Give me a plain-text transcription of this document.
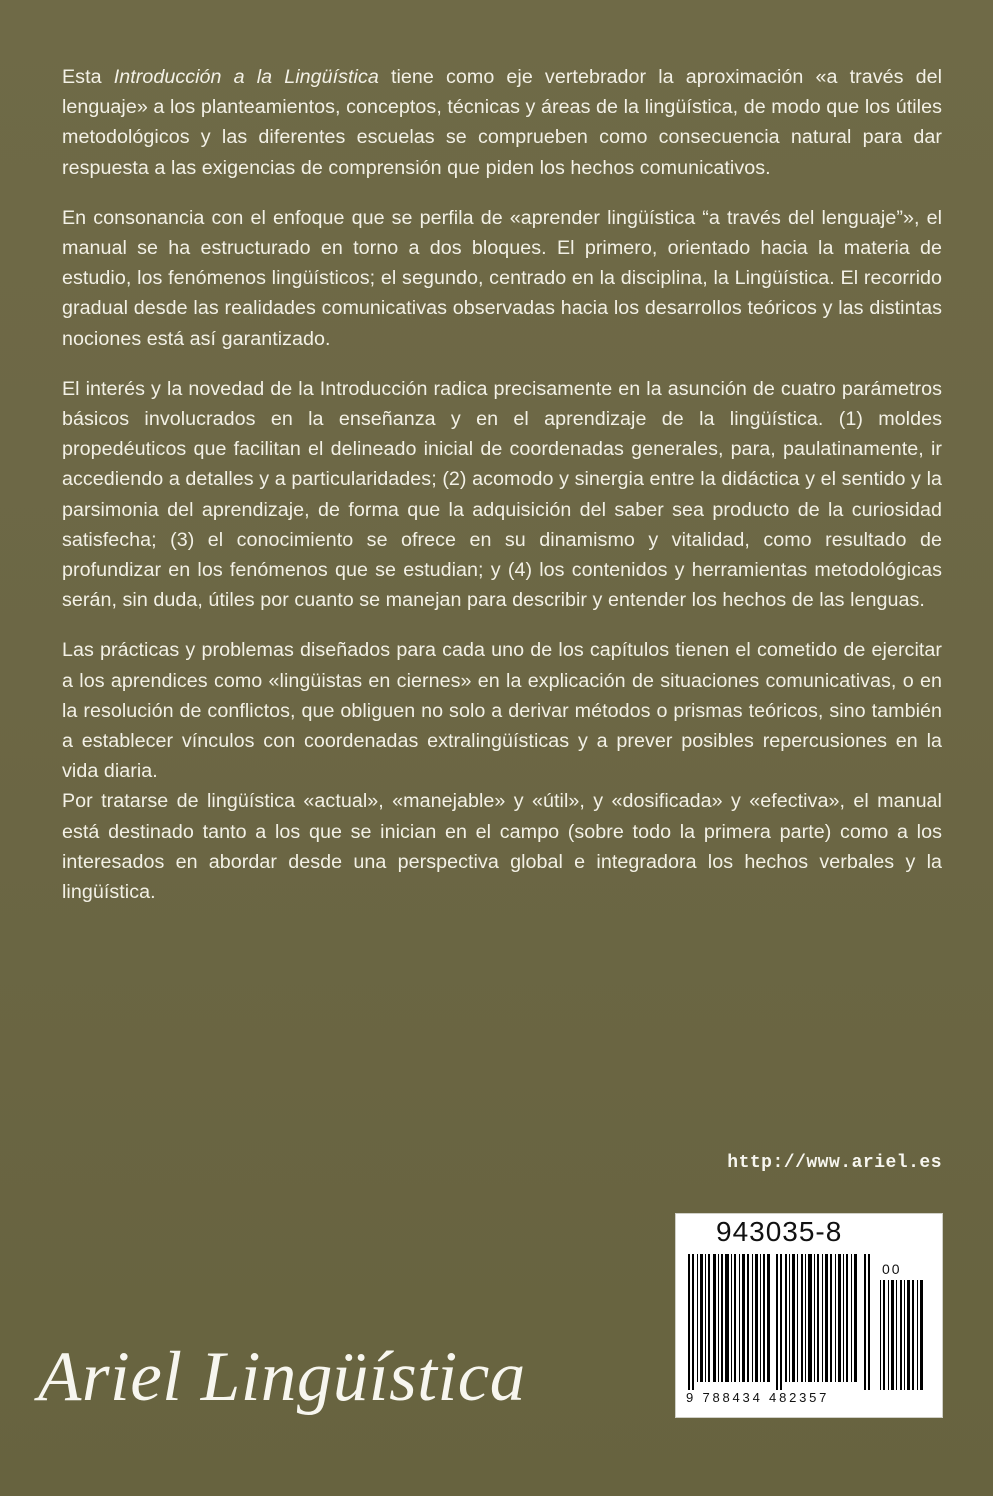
Esta Introducción a la Lingüística tiene como eje vertebrador la aproximación «a través del lenguaje» a los planteamientos, conceptos, técnicas y áreas de la lingüística, de modo que los útiles metodológicos y las diferentes escuelas se comprueben como consecuencia natural para dar respuesta a las exigencias de comprensión que piden los hechos comunicativos.

En consonancia con el enfoque que se perfila de «aprender lingüística “a través del lenguaje”», el manual se ha estructurado en torno a dos bloques. El primero, orientado hacia la materia de estudio, los fenómenos lingüísticos; el segundo, centrado en la disciplina, la Lingüística. El recorrido gradual desde las realidades comunicativas observadas hacia los desarrollos teóricos y las distintas nociones está así garantizado.

El interés y la novedad de la Introducción radica precisamente en la asunción de cuatro parámetros básicos involucrados en la enseñanza y en el aprendizaje de la lingüística. (1) moldes propedéuticos que facilitan el delineado inicial de coordenadas generales, para, paulatinamente, ir accediendo a detalles y a particularidades; (2) acomodo y sinergia entre la didáctica y el sentido y la parsimonia del aprendizaje, de forma que la adquisición del saber sea producto de la curiosidad satisfecha; (3) el conocimiento se ofrece en su dinamismo y vitalidad, como resultado de profundizar en los fenómenos que se estudian; y (4) los contenidos y herramientas metodológicas serán, sin duda, útiles por cuanto se manejan para describir y entender los hechos de las lenguas.

Las prácticas y problemas diseñados para cada uno de los capítulos tienen el cometido de ejercitar a los aprendices como «lingüistas en ciernes» en la explicación de situaciones comunicativas, o en la resolución de conflictos, que obliguen no solo a derivar métodos o prismas teóricos, sino también a establecer vínculos con coordenadas extralingüísticas y a prever posibles repercusiones en la vida diaria.

Por tratarse de lingüística «actual», «manejable» y «útil», y «dosificada» y «efectiva», el manual está destinado tanto a los que se inician en el campo (sobre todo la primera parte) como a los interesados en abordar desde una perspectiva global e integradora los hechos verbales y la lingüística.

http://www.ariel.es
943035-8
00
9 788434 482357
Ariel Lingüística
